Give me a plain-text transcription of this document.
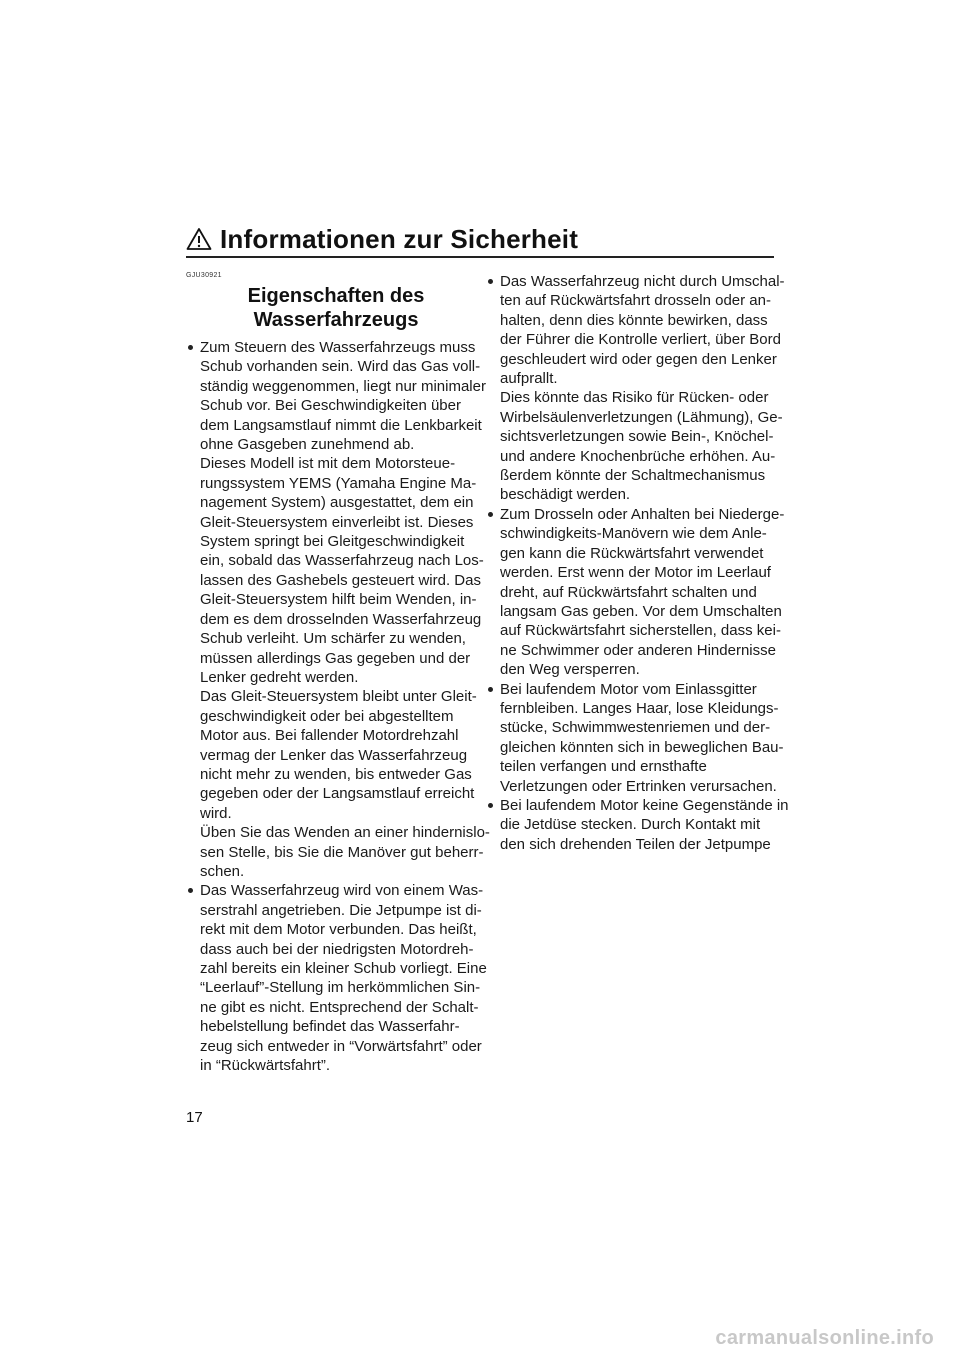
Informationen zur Sicherheit
GJU30921
Eigenschaften des
Wasserfahrzeugs
Zum Steuern des Wasserfahrzeugs muss
Schub vorhanden sein. Wird das Gas voll-
ständig weggenommen, liegt nur minimaler
Schub vor. Bei Geschwindigkeiten über
dem Langsamstlauf nimmt die Lenkbarkeit
ohne Gasgeben zunehmend ab.
Dieses Modell ist mit dem Motorsteue-
rungssystem YEMS (Yamaha Engine Ma-
nagement System) ausgestattet, dem ein
Gleit-Steuersystem einverleibt ist. Dieses
System springt bei Gleitgeschwindigkeit
ein, sobald das Wasserfahrzeug nach Los-
lassen des Gashebels gesteuert wird. Das
Gleit-Steuersystem hilft beim Wenden, in-
dem es dem drosselnden Wasserfahrzeug
Schub verleiht. Um schärfer zu wenden,
müssen allerdings Gas gegeben und der
Lenker gedreht werden.
Das Gleit-Steuersystem bleibt unter Gleit-
geschwindigkeit oder bei abgestelltem
Motor aus. Bei fallender Motordrehzahl
vermag der Lenker das Wasserfahrzeug
nicht mehr zu wenden, bis entweder Gas
gegeben oder der Langsamstlauf erreicht
wird.
Üben Sie das Wenden an einer hindernislo-
sen Stelle, bis Sie die Manöver gut beherr-
schen.
Das Wasserfahrzeug wird von einem Was-
serstrahl angetrieben. Die Jetpumpe ist di-
rekt mit dem Motor verbunden. Das heißt,
dass auch bei der niedrigsten Motordreh-
zahl bereits ein kleiner Schub vorliegt. Eine
“Leerlauf”-Stellung im herkömmlichen Sin-
ne gibt es nicht. Entsprechend der Schalt-
hebelstellung befindet das Wasserfahr-
zeug sich entweder in “Vorwärtsfahrt” oder
in “Rückwärtsfahrt”.
Das Wasserfahrzeug nicht durch Umschal-
ten auf Rückwärtsfahrt drosseln oder an-
halten, denn dies könnte bewirken, dass
der Führer die Kontrolle verliert, über Bord
geschleudert wird oder gegen den Lenker
aufprallt.
Dies könnte das Risiko für Rücken- oder
Wirbelsäulenverletzungen (Lähmung), Ge-
sichtsverletzungen sowie Bein-, Knöchel-
und andere Knochenbrüche erhöhen. Au-
ßerdem könnte der Schaltmechanismus
beschädigt werden.
Zum Drosseln oder Anhalten bei Niederge-
schwindigkeits-Manövern wie dem Anle-
gen kann die Rückwärtsfahrt verwendet
werden. Erst wenn der Motor im Leerlauf
dreht, auf Rückwärtsfahrt schalten und
langsam Gas geben. Vor dem Umschalten
auf Rückwärtsfahrt sicherstellen, dass kei-
ne Schwimmer oder anderen Hindernisse
den Weg versperren.
Bei laufendem Motor vom Einlassgitter
fernbleiben. Langes Haar, lose Kleidungs-
stücke, Schwimmwestenriemen und der-
gleichen könnten sich in beweglichen Bau-
teilen verfangen und ernsthafte
Verletzungen oder Ertrinken verursachen.
Bei laufendem Motor keine Gegenstände in
die Jetdüse stecken. Durch Kontakt mit
den sich drehenden Teilen der Jetpumpe
17
carmanualsonline.info
